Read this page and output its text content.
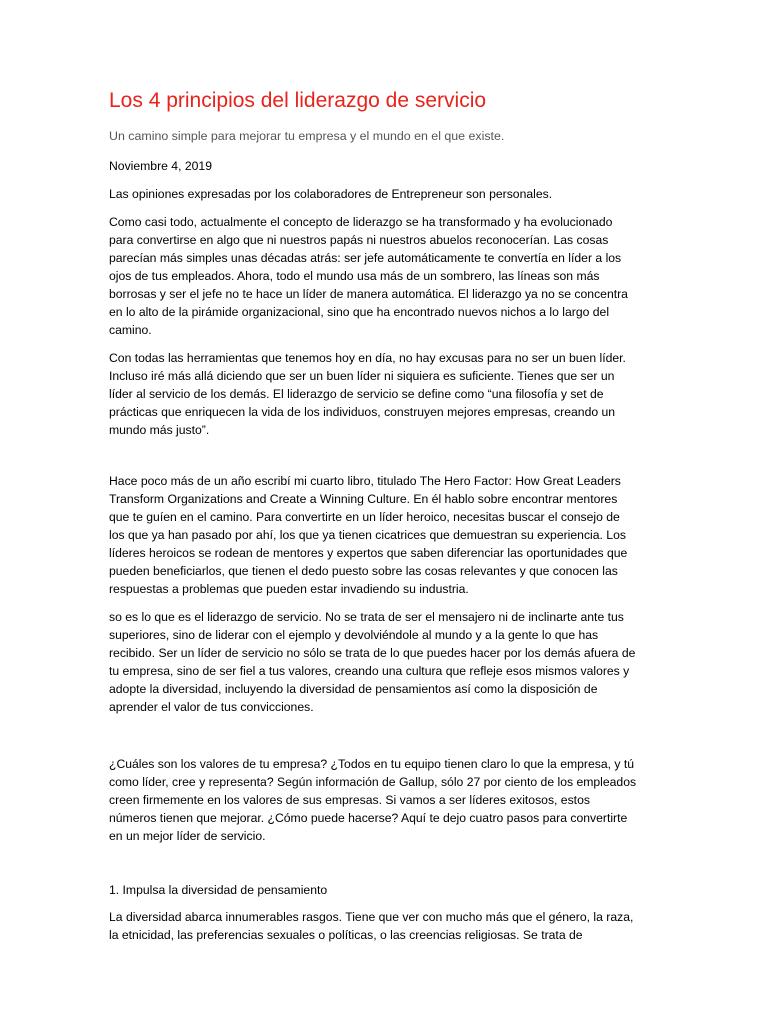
Los 4 principios del liderazgo de servicio
Un camino simple para mejorar tu empresa y el mundo en el que existe.
Noviembre 4, 2019
Las opiniones expresadas por los colaboradores de Entrepreneur son personales.

Como casi todo, actualmente el concepto de liderazgo se ha transformado y ha evolucionado para convertirse en algo que ni nuestros papás ni nuestros abuelos reconocerían. Las cosas parecían más simples unas décadas atrás: ser jefe automáticamente te convertía en líder a los ojos de tus empleados. Ahora, todo el mundo usa más de un sombrero, las líneas son más borrosas y ser el jefe no te hace un líder de manera automática. El liderazgo ya no se concentra en lo alto de la pirámide organizacional, sino que ha encontrado nuevos nichos a lo largo del camino.

Con todas las herramientas que tenemos hoy en día, no hay excusas para no ser un buen líder. Incluso iré más allá diciendo que ser un buen líder ni siquiera es suficiente. Tienes que ser un líder al servicio de los demás. El liderazgo de servicio se define como “una filosofía y set de prácticas que enriquecen la vida de los individuos, construyen mejores empresas, creando un mundo más justo”.

Hace poco más de un año escribí mi cuarto libro, titulado The Hero Factor: How Great Leaders Transform Organizations and Create a Winning Culture. En él hablo sobre encontrar mentores que te guíen en el camino. Para convertirte en un líder heroico, necesitas buscar el consejo de los que ya han pasado por ahí, los que ya tienen cicatrices que demuestran su experiencia. Los líderes heroicos se rodean de mentores y expertos que saben diferenciar las oportunidades que pueden beneficiarlos, que tienen el dedo puesto sobre las cosas relevantes y que conocen las respuestas a problemas que pueden estar invadiendo su industria.

so es lo que es el liderazgo de servicio. No se trata de ser el mensajero ni de inclinarte ante tus superiores, sino de liderar con el ejemplo y devolviéndole al mundo y a la gente lo que has recibido. Ser un líder de servicio no sólo se trata de lo que puedes hacer por los demás afuera de tu empresa, sino de ser fiel a tus valores, creando una cultura que refleje esos mismos valores y adopte la diversidad, incluyendo la diversidad de pensamientos así como la disposición de aprender el valor de tus convicciones.

¿Cuáles son los valores de tu empresa? ¿Todos en tu equipo tienen claro lo que la empresa, y tú como líder, cree y representa? Según información de Gallup, sólo 27 por ciento de los empleados creen firmemente en los valores de sus empresas. Si vamos a ser líderes exitosos, estos números tienen que mejorar. ¿Cómo puede hacerse? Aquí te dejo cuatro pasos para convertirte en un mejor líder de servicio.

1. Impulsa la diversidad de pensamiento

La diversidad abarca innumerables rasgos. Tiene que ver con mucho más que el género, la raza, la etnicidad, las preferencias sexuales o políticas, o las creencias religiosas. Se trata de
